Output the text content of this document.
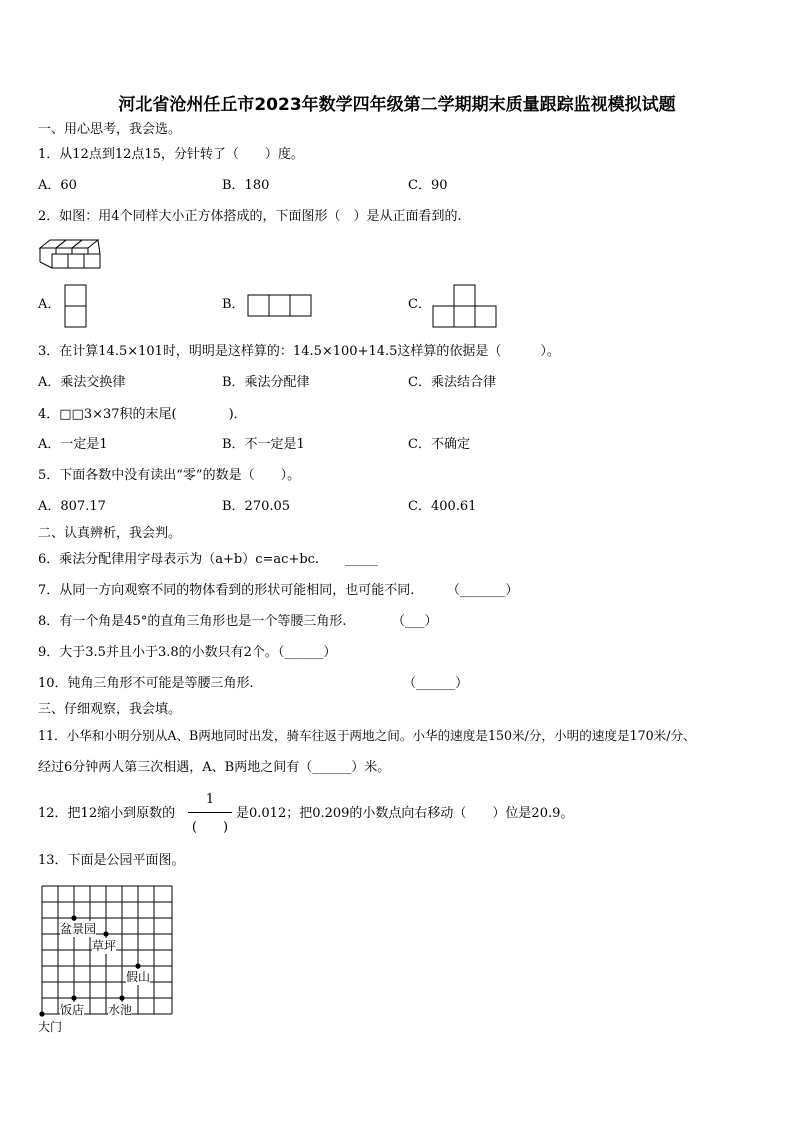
河北省沧州任丘市2023年数学四年级第二学期期末质量跟踪监视模拟试题
一、用心思考，我会选。
1．从12点到12点15，分针转了（　　）度。
A．60	B．180	C．90
2．如图：用4个同样大小正方体搭成的，下面图形（　）是从正面看到的.
A．	B．	C．
3．在计算14.5×101时，明明是这样算的：14.5×100+14.5这样算的依据是（　　　）。
A．乘法交换律	B．乘法分配律	C．乘法结合律
4．□□3×37积的末尾(　　　　)．
A．一定是1	B．不一定是1	C．不确定
5．下面各数中没有读出“零”的数是（　　）。
A．807.17	B．270.05	C．400.61
二、认真辨析，我会判。
6．乘法分配律用字母表示为（a+b）c=ac+bc.　　_____
7．从同一方向观察不同的物体看到的形状可能相同，也可能不同.　　　（_______）
8．有一个角是45°的直角三角形也是一个等腰三角形.　　　　（___）
9．大于3.5并且小于3.8的小数只有2个。（______）
10．钝角三角形不可能是等腰三角形.　　　　　　　　　　　　（______）
三、仔细观察，我会填。
11．小华和小明分别从A、B两地同时出发，骑车往返于两地之间。小华的速度是150米/分，小明的速度是170米/分、
经过6分钟两人第三次相遇，A、B两地之间有（______）米。
12．把12缩小到原数的
1
(　　)
是0.012；把0.209的小数点向右移动（　　）位是20.9。
13．下面是公园平面图。
盆景园
草坪
假山
饭店 水池
大门
